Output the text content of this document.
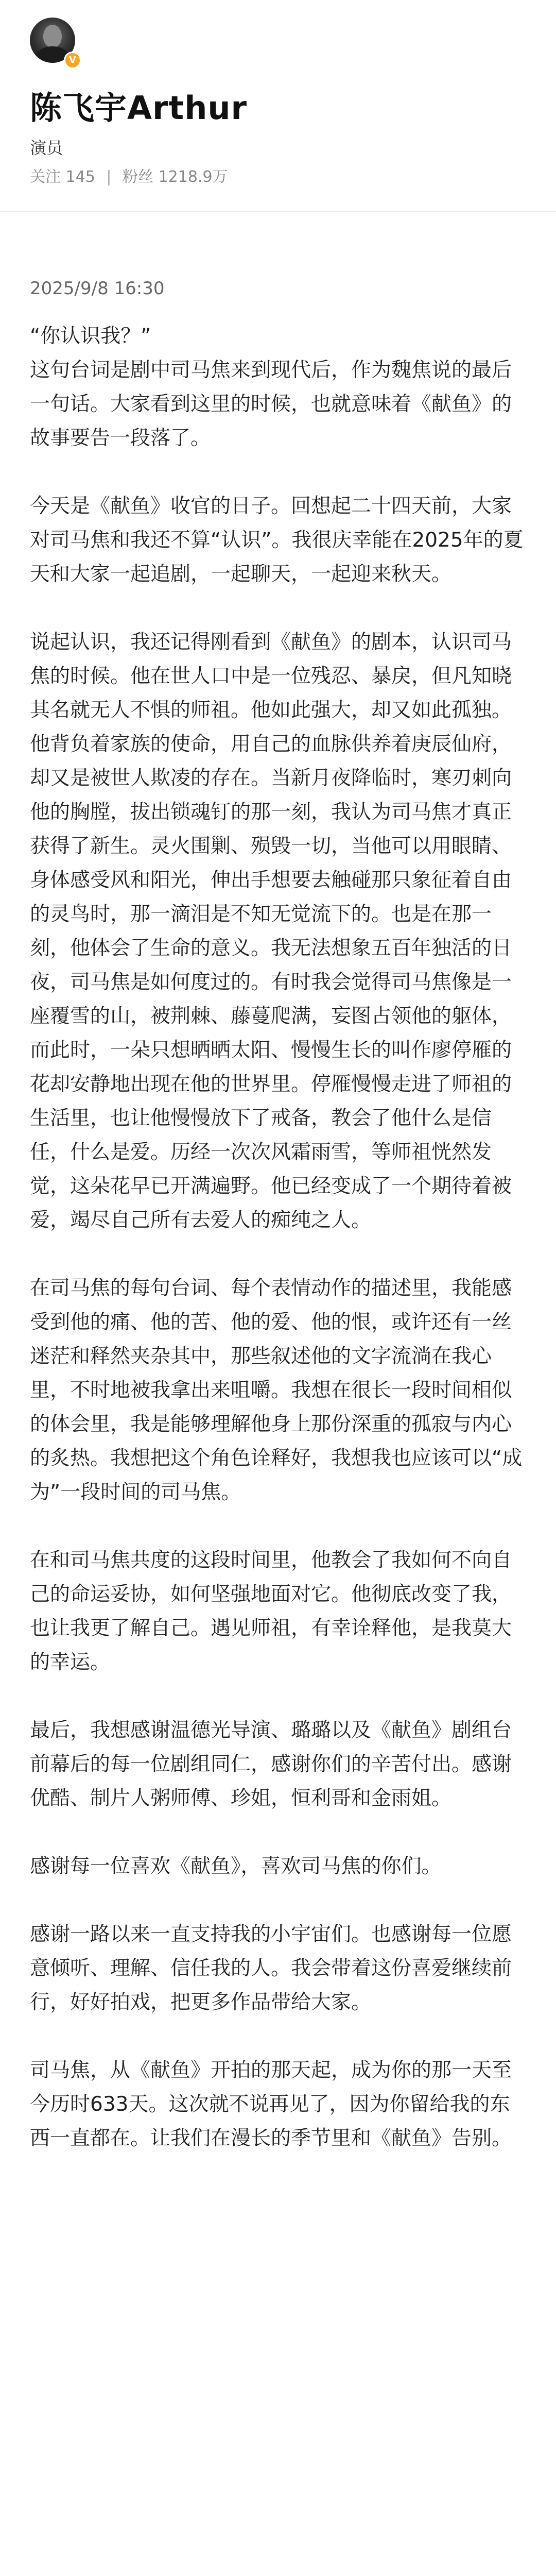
V
陈飞宇Arthur
演员
关注 145 | 粉丝 1218.9万
2025/9/8 16:30

“你认识我？”
这句台词是剧中司马焦来到现代后，作为魏焦说的最后一句话。大家看到这里的时候，也就意味着《献鱼》的故事要告一段落了。

今天是《献鱼》收官的日子。回想起二十四天前，大家对司马焦和我还不算“认识”。我很庆幸能在2025年的夏天和大家一起追剧，一起聊天，一起迎来秋天。

说起认识，我还记得刚看到《献鱼》的剧本，认识司马焦的时候。他在世人口中是一位残忍、暴戾，但凡知晓其名就无人不惧的师祖。他如此强大，却又如此孤独。他背负着家族的使命，用自己的血脉供养着庚辰仙府，却又是被世人欺凌的存在。当新月夜降临时，寒刃刺向他的胸膛，拔出锁魂钉的那一刻，我认为司马焦才真正获得了新生。灵火围剿、殒毁一切，当他可以用眼睛、身体感受风和阳光，伸出手想要去触碰那只象征着自由的灵鸟时，那一滴泪是不知无觉流下的。也是在那一刻，他体会了生命的意义。我无法想象五百年独活的日夜，司马焦是如何度过的。有时我会觉得司马焦像是一座覆雪的山，被荆棘、藤蔓爬满，妄图占领他的躯体，而此时，一朵只想晒晒太阳、慢慢生长的叫作廖停雁的花却安静地出现在他的世界里。停雁慢慢走进了师祖的生活里，也让他慢慢放下了戒备，教会了他什么是信任，什么是爱。历经一次次风霜雨雪，等师祖恍然发觉，这朵花早已开满遍野。他已经变成了一个期待着被爱，竭尽自己所有去爱人的痴纯之人。

在司马焦的每句台词、每个表情动作的描述里，我能感受到他的痛、他的苦、他的爱、他的恨，或许还有一丝迷茫和释然夹杂其中，那些叙述他的文字流淌在我心里，不时地被我拿出来咀嚼。我想在很长一段时间相似的体会里，我是能够理解他身上那份深重的孤寂与内心的炙热。我想把这个角色诠释好，我想我也应该可以“成为”一段时间的司马焦。

在和司马焦共度的这段时间里，他教会了我如何不向自己的命运妥协，如何坚强地面对它。他彻底改变了我，也让我更了解自己。遇见师祖，有幸诠释他，是我莫大的幸运。

最后，我想感谢温德光导演、璐璐以及《献鱼》剧组台前幕后的每一位剧组同仁，感谢你们的辛苦付出。感谢优酷、制片人粥师傅、珍姐，恒利哥和金雨姐。

感谢每一位喜欢《献鱼》，喜欢司马焦的你们。

感谢一路以来一直支持我的小宇宙们。也感谢每一位愿意倾听、理解、信任我的人。我会带着这份喜爱继续前行，好好拍戏，把更多作品带给大家。

司马焦，从《献鱼》开拍的那天起，成为你的那一天至今历时633天。这次就不说再见了，因为你留给我的东西一直都在。让我们在漫长的季节里和《献鱼》告别。
